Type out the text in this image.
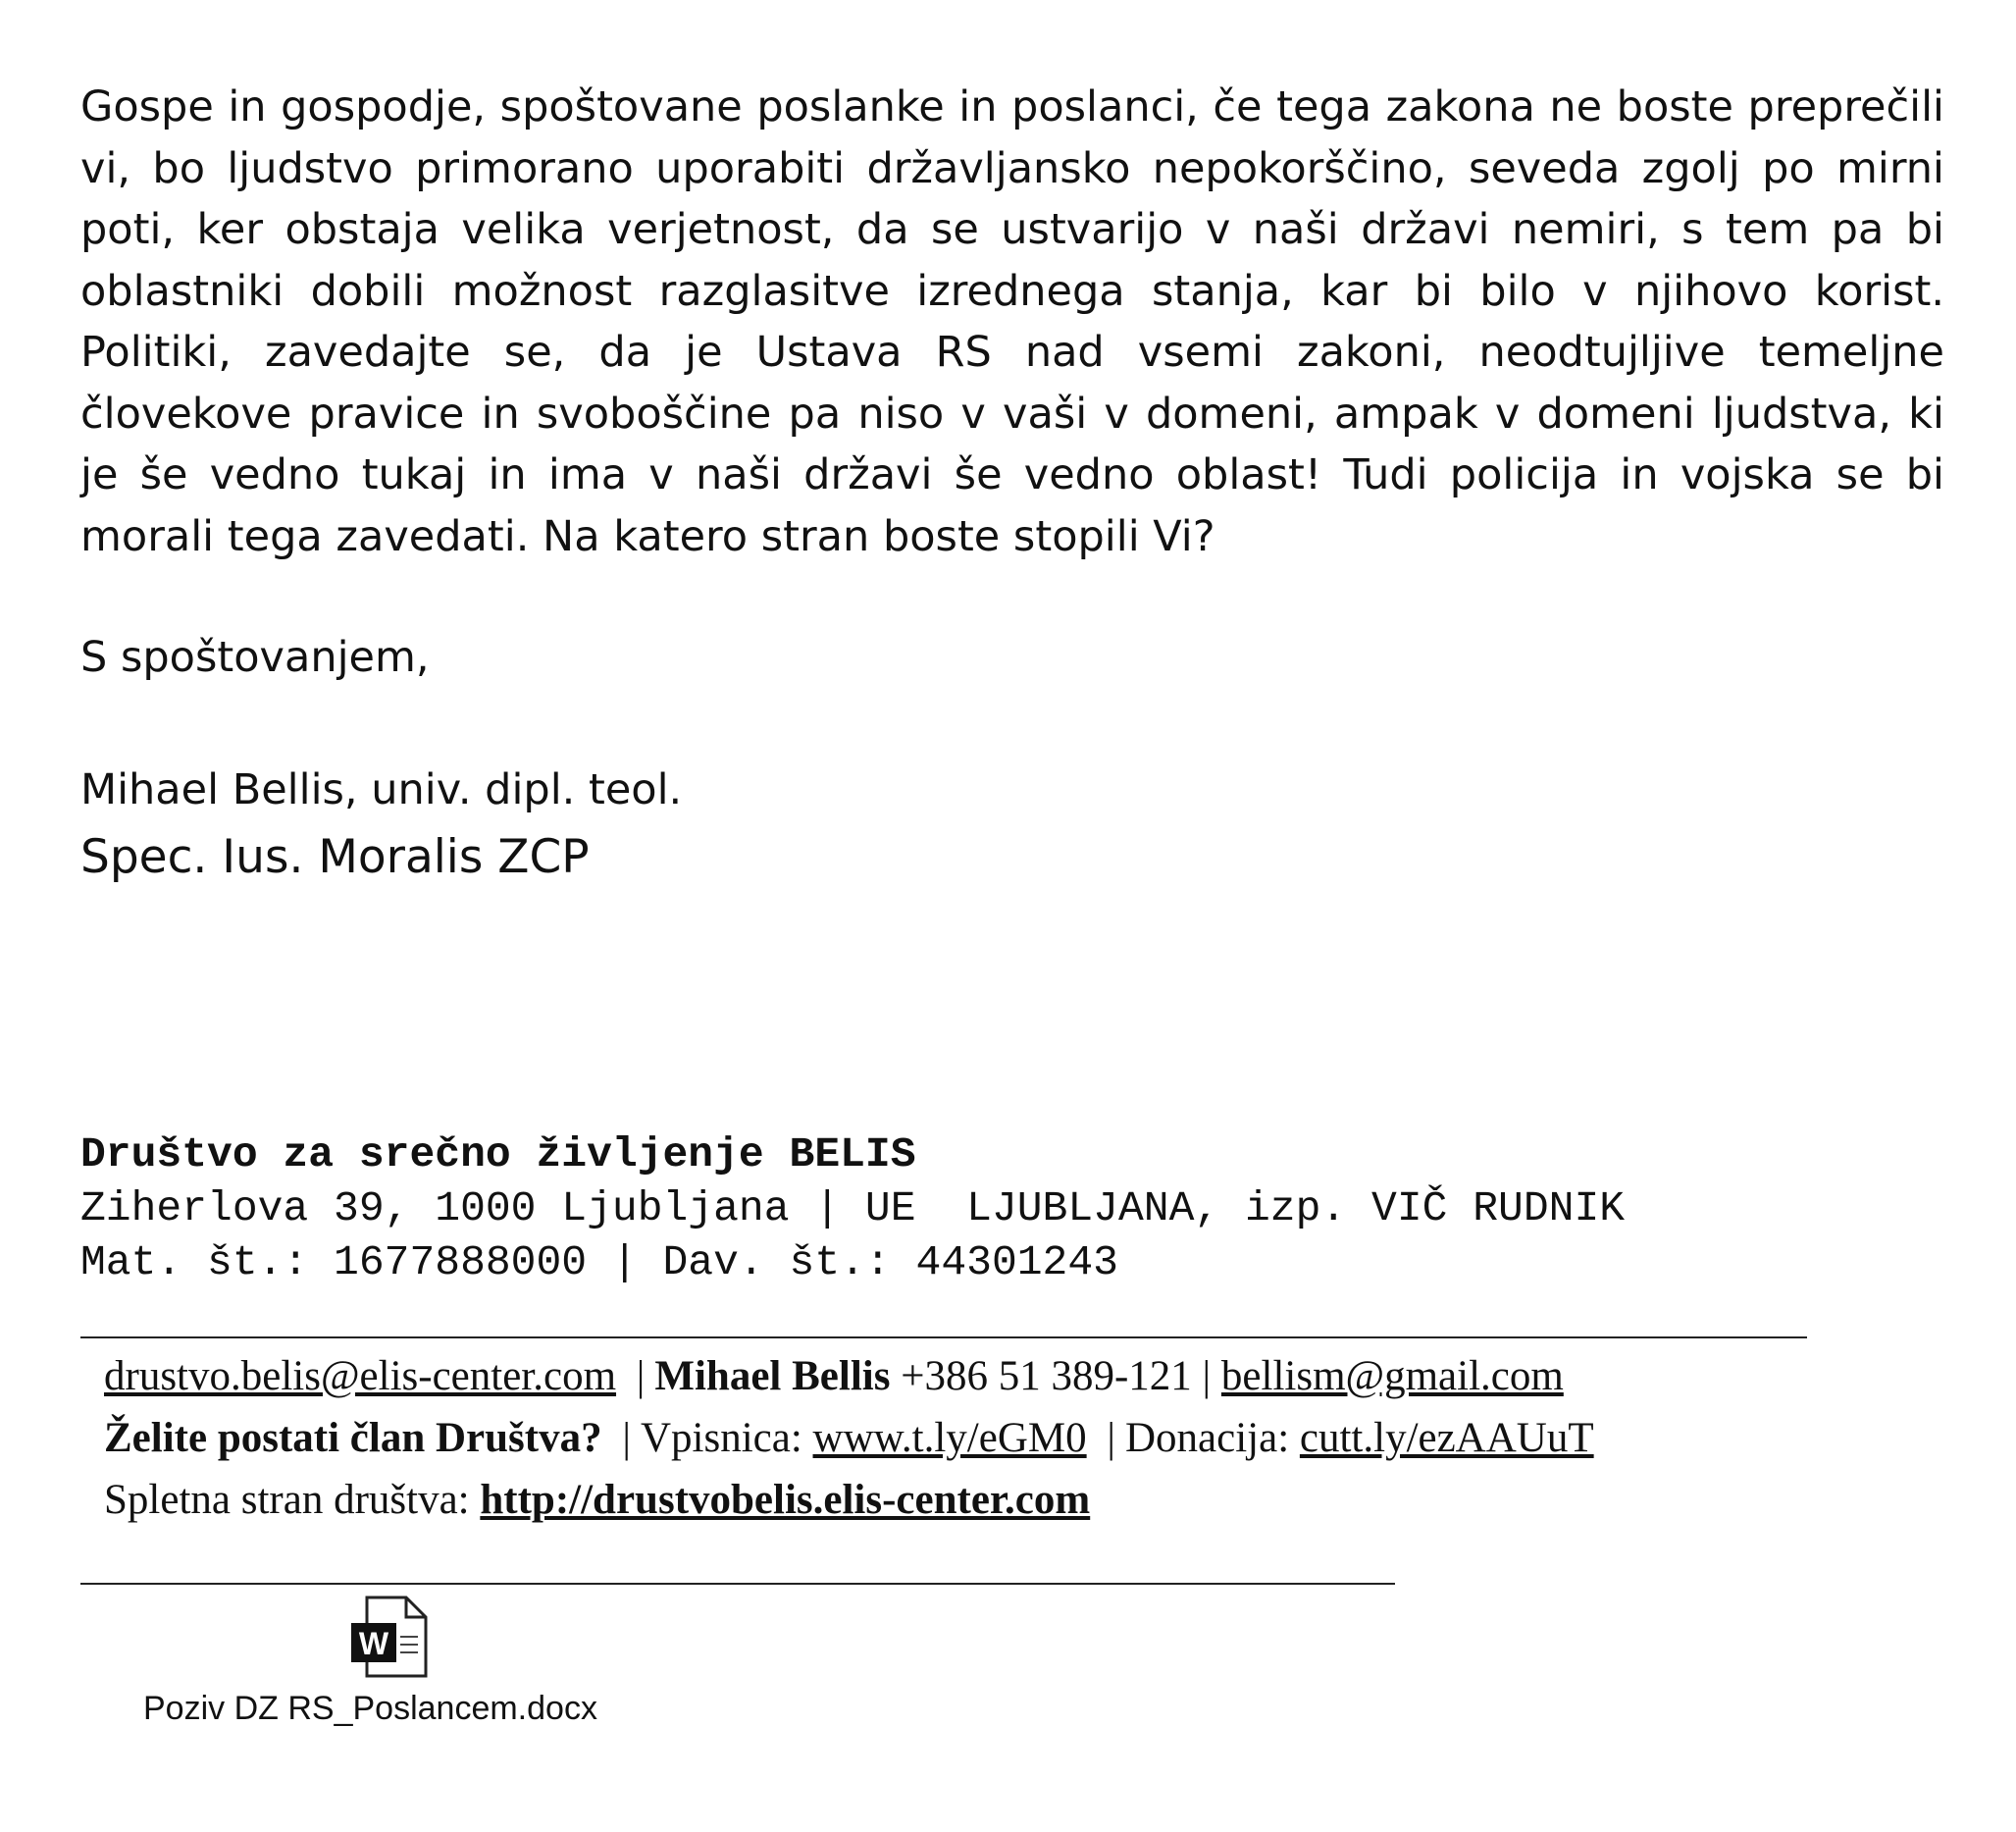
Gospe in gospodje, spoštovane poslanke in poslanci, če tega zakona ne boste preprečili vi, bo ljudstvo primorano uporabiti državljansko nepokorščino, seveda zgolj po mirni poti, ker obstaja velika verjetnost, da se ustvarijo v naši državi nemiri, s tem pa bi oblastniki dobili možnost razglasitve izrednega stanja, kar bi bilo v njihovo korist. Politiki, zavedajte se, da je Ustava RS nad vsemi zakoni, neodtujljive temeljne človekove pravice in svoboščine pa niso v vaši v domeni, ampak v domeni ljudstva, ki je še vedno tukaj in ima v naši državi še vedno oblast! Tudi policija in vojska se bi morali tega zavedati. Na katero stran boste stopili Vi?

S spoštovanjem,

Mihael Bellis, univ. dipl. teol.

Spec. Ius. Moralis ZCP

Društvo za srečno življenje BELIS

Ziherlova 39, 1000 Ljubljana | UE  LJUBLJANA, izp. VIČ RUDNIK

Mat. št.: 1677888000 | Dav. št.: 44301243

drustvo.belis@elis-center.com | Mihael Bellis +386 51 389-121 | bellism@gmail.com

Želite postati član Društva? | Vpisnica: www.t.ly/eGM0 | Donacija: cutt.ly/ezAAUuT

Spletna stran društva: http://drustvobelis.elis-center.com

W

Poziv DZ RS_Poslancem.docx
